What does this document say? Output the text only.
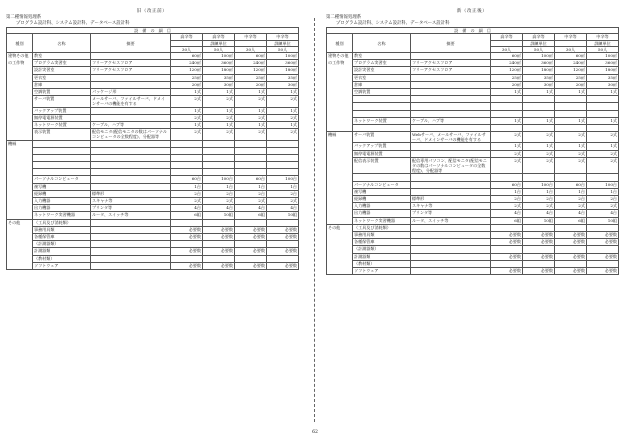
旧（改正前）
第二種情報処理系
プログラム設計科、システム設計科、データベース設計科
設　備　の　細　目						
種別	名称	摘要	高卒等	高卒等	中卒等	中卒等
				訓練単位		訓練単位
			30人	50人	30人	50人
建物その他	教室		60㎡	100㎡	60㎡	100㎡
の工作物	プログラム実習室	フリーアクセスフロア	240㎡	360㎡	240㎡	360㎡
	設計実習室	フリーアクセスフロア	120㎡	180㎡	120㎡	180㎡
	更衣室		25㎡	35㎡	25㎡	35㎡
	倉庫		20㎡	30㎡	20㎡	30㎡
	空調装置	パッケージ形	1式	1式	1式	1式
	サーバ装置	メールサーバ、ファイルサーバ、ドメインサーバの機能を有する	2式	2式	2式	2式
	バックアップ装置		1式	1式	1式	1式
	無停電電源装置		2式	2式	2式	2式
	ネットワーク装置	ケーブル、ハブ等	1式	1式	1式	1式
	表示装置	配信モニタ(配信モニタの数はパーソナルコンピュータの全数程度)、分配器等	2式	2式	2式	2式
機械						

	パーソナルコンピュータ		60台	100台	60台	100台
	複写機		1台	1台	1台	1台
	経録機	標準形	2台	2台	2台	2台
	入力機器	スキャナ等	2式	2式	2式	2式
	出力機器	プリンタ等	4台	4台	4台	4台
	ネットワーク実習機器	ルータ、スイッチ等	6組	10組	6組	10組
その他	（工具及び消耗類）					
	事務用具類		必要数	必要数	必要数	必要数
	各種保管庫		必要数	必要数	必要数	必要数
	（計測器類）					
	計測器類		必要数	必要数	必要数	必要数
	（教材類）					
	ソフトウェア		必要数	必要数	必要数	必要数
新（改正後）
第二種情報処理系
プログラム設計科、システム設計科、データベース設計科
設　備　の　細　目						
種別	名称	摘要	高卒等	高卒等	中卒等	中卒等
				訓練単位		訓練単位
			30人	50人	30人	50人
建物その他	教室		60㎡	100㎡	60㎡	100㎡
の工作物	プログラム実習室	フリーアクセスフロア	240㎡	360㎡	240㎡	360㎡
	設計実習室	フリーアクセスフロア	120㎡	180㎡	120㎡	180㎡
	更衣室		25㎡	35㎡	25㎡	35㎡
	倉庫		20㎡	30㎡	20㎡	30㎡
	空調装置		1式	1式	1式	1式

	ネットワーク装置	ケーブル、ハブ等	1式	1式	1式	1式

機械	サーバ装置	Webサーバ、メールサーバ、ファイルサーバ、ドメインサーバの機能を有する	2式	2式	2式	2式
	バックアップ装置		1式	1式	1式	1式
	無停電電源装置		2式	2式	2式	2式
	配信表示装置	配信専用パソコン、配信モニタ(配信モニタの数はパーソナルコンピュータの全数程度)、分配器等	2式	2式	2式	2式

	パーソナルコンピュータ		60台	100台	60台	100台
	複写機		1台	1台	1台	1台
	経録機	標準形	2台	2台	2台	2台
	入力機器	スキャナ等	2式	2式	2式	2式
	出力機器	プリンタ等	4台	4台	4台	4台
	ネットワーク実習機器	ルータ、スイッチ等	6組	10組	6組	10組
その他	（工具及び消耗類）					
	事務用具類		必要数	必要数	必要数	必要数
	各種保管庫		必要数	必要数	必要数	必要数
	（計測器類）					
	計測器類		必要数	必要数	必要数	必要数
	（教材類）					
	ソフトウェア		必要数	必要数	必要数	必要数
62
